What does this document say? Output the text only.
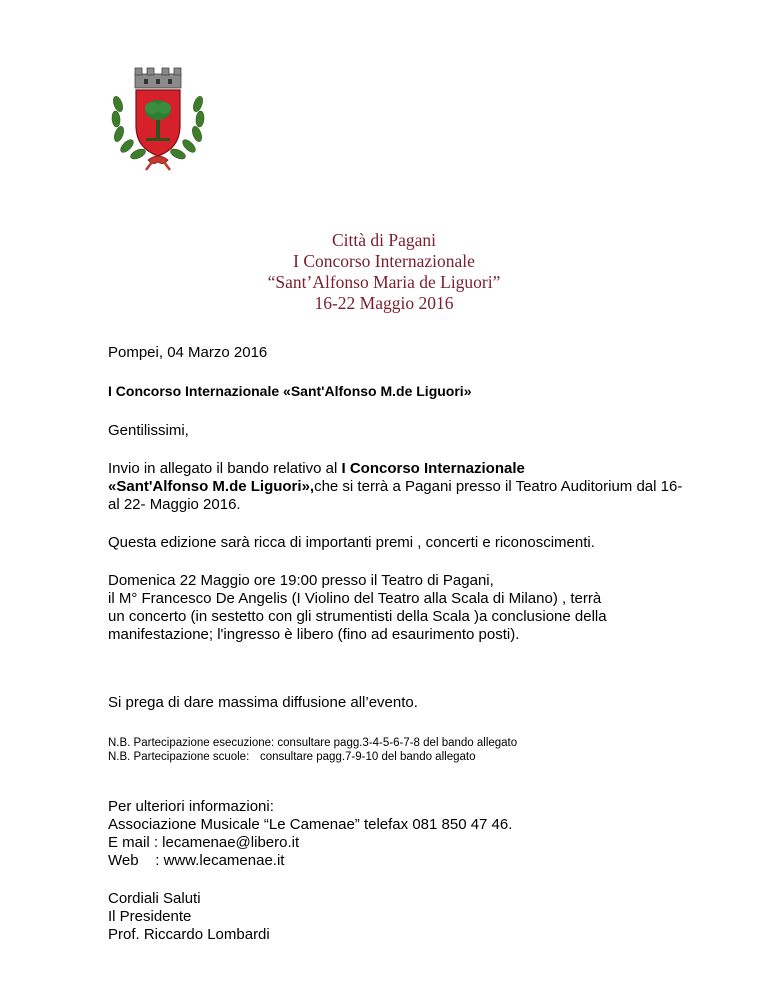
Città di Pagani
I Concorso Internazionale
“Sant’Alfonso Maria de Liguori”
16-22 Maggio 2016

Pompei, 04 Marzo 2016

I Concorso Internazionale «Sant'Alfonso M.de Liguori»

Gentilissimi,

Invio in allegato il bando relativo al I Concorso Internazionale
«Sant'Alfonso M.de Liguori»,che si terrà a Pagani presso il Teatro Auditorium dal 16-
al 22- Maggio 2016.

Questa edizione sarà ricca di importanti premi , concerti e riconoscimenti.

Domenica 22 Maggio ore 19:00 presso il Teatro di Pagani,
il M° Francesco De Angelis (I Violino del Teatro alla Scala di Milano) , terrà
un concerto (in sestetto con gli strumentisti della Scala )a conclusione della
manifestazione; l'ingresso è libero (fino ad esaurimento posti).

Si prega di dare massima diffusione all’evento.

N.B. Partecipazione esecuzione: consultare pagg.3-4-5-6-7-8 del bando allegato

N.B. Partecipazione scuole: consultare pagg.7-9-10 del bando allegato

Per ulteriori informazioni:

Associazione Musicale “Le Camenae” telefax 081 850 47 46.

E mail : lecamenae@libero.it

Web    : www.lecamenae.it

Cordiali Saluti

Il Presidente

Prof. Riccardo Lombardi
